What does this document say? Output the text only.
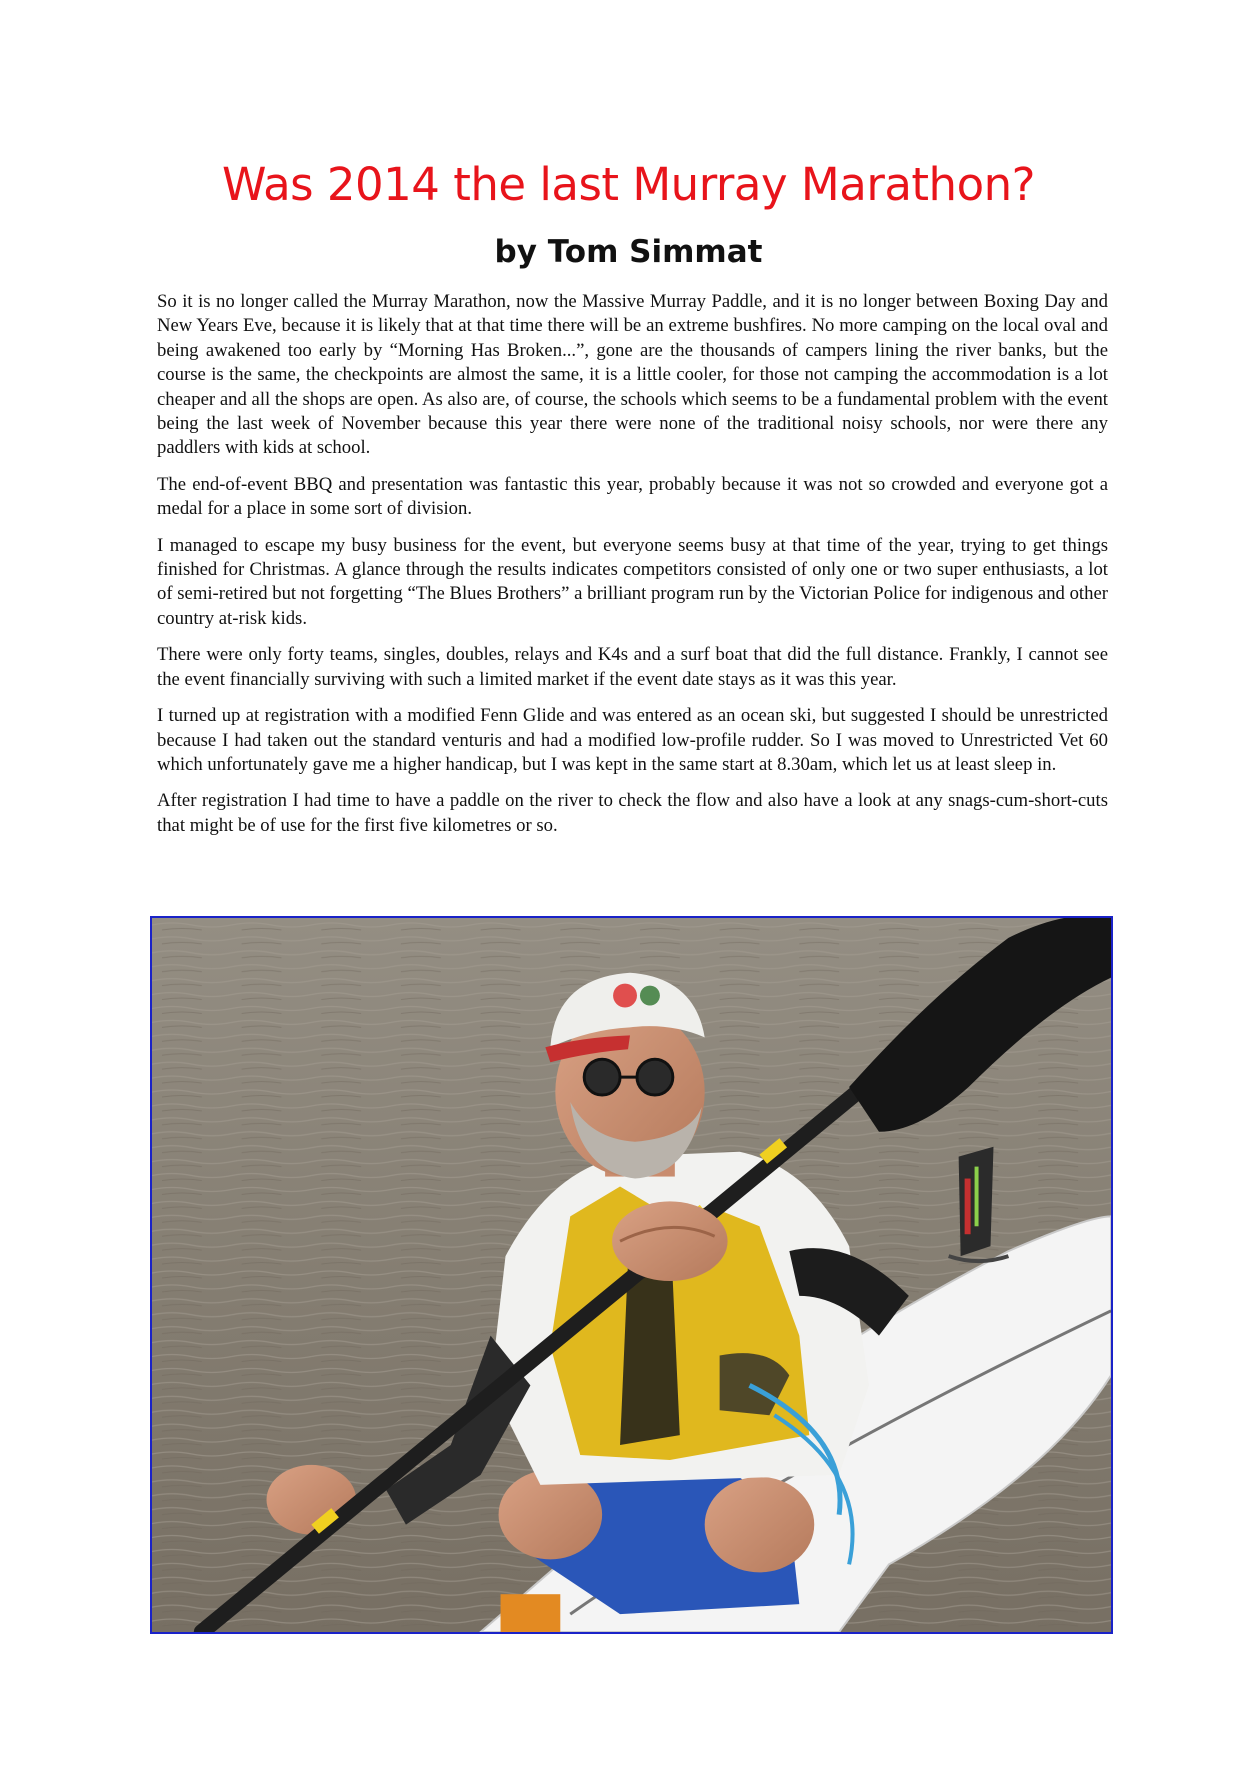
Was 2014 the last Murray Marathon?
by Tom Simmat

So it is no longer called the Murray Marathon, now the Massive Murray Paddle, and it is no longer between Boxing Day and New Years Eve, because it is likely that at that time there will be an extreme bushfires. No more camping on the local oval and being awakened too early by “Morning Has Broken...”, gone are the thousands of campers lining the river banks, but the course is the same, the checkpoints are almost the same, it is a little cooler, for those not camping the accommodation is a lot cheaper and all the shops are open. As also are, of course, the schools which seems to be a fundamental problem with the event being the last week of November because this year there were none of the traditional noisy schools, nor were there any paddlers with kids at school.

The end-of-event BBQ and presentation was fantastic this year, probably because it was not so crowded and everyone got a medal for a place in some sort of division.

I managed to escape my busy business for the event, but everyone seems busy at that time of the year, trying to get things finished for Christmas. A glance through the results indicates competitors consisted of only one or two super enthusiasts, a lot of semi-retired but not forgetting “The Blues Brothers” a brilliant program run by the Victorian Police for indigenous and other country at-risk kids.

There were only forty teams, singles, doubles, relays and K4s and a surf boat that did the full distance. Frankly, I cannot see the event financially surviving with such a limited market if the event date stays as it was this year.

I turned up at registration with a modified Fenn Glide and was entered as an ocean ski, but suggested I should be unrestricted because I had taken out the standard venturis and had a modified low-profile rudder. So I was moved to Unrestricted Vet 60 which unfortunately gave me a higher handicap, but I was kept in the same start at 8.30am, which let us at least sleep in.

After registration I had time to have a paddle on the river to check the flow and also have a look at any snags-cum-short-cuts that might be of use for the first five kilometres or so.
